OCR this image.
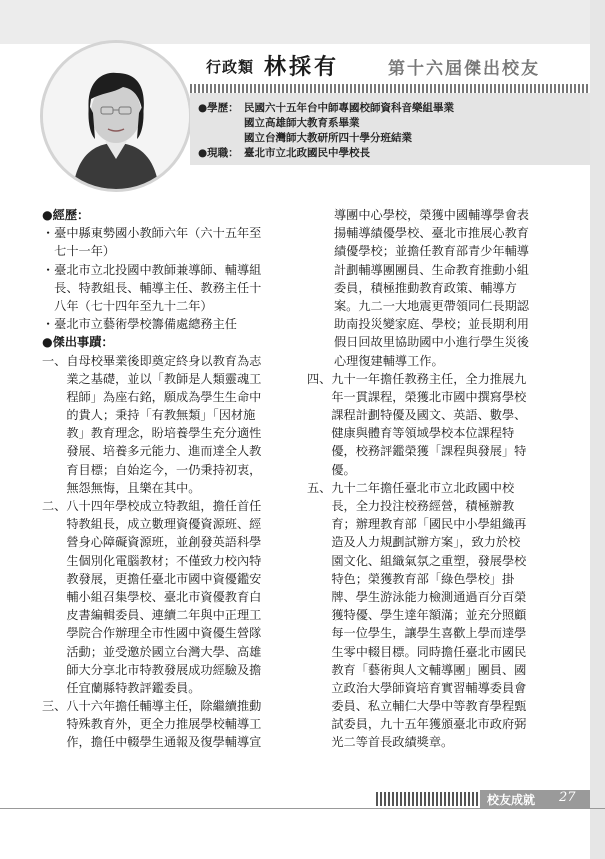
行政類 林採有	第十六屆傑出校友
●學歷： 民國六十五年台中師專國校師資科音樂組畢業
國立高雄師大教育系畢業
國立台灣師大教研所四十學分班結業
●現職： 臺北市立北政國民中學校長
●經歷：
・臺中縣東勢國小教師六年（六十五年至
　七十一年）
・臺北市立北投國中教師兼導師、輔導組
　長、特教組長、輔導主任、教務主任十
　八年（七十四年至九十二年）
・臺北市立藝術學校籌備處總務主任
●傑出事蹟：
一、自母校畢業後即奠定終身以教育為志
　　業之基礎，並以「教師是人類靈魂工
　　程師」為座右銘，願成為學生生命中
　　的貴人；秉持「有教無類」「因材施
　　教」教育理念，盼培養學生充分適性
　　發展、培養多元能力、進而達全人教
　　育目標；自始迄今，一仍秉持初衷，
　　無怨無悔，且樂在其中。
二、八十四年學校成立特教組，擔任首任
　　特教組長，成立數理資優資源班、經
　　營身心障礙資源班，並創發英語科學
　　生個別化電腦教材；不僅致力校內特
　　教發展，更擔任臺北市國中資優鑑安
　　輔小組召集學校、臺北市資優教育白
　　皮書編輯委員、連續二年與中正理工
　　學院合作辦理全市性國中資優生營隊
　　活動；並受邀於國立台灣大學、高雄
　　師大分享北市特教發展成功經驗及擔
　　任宜蘭縣特教評鑑委員。
三、八十六年擔任輔導主任，除繼續推動
　　特殊教育外，更全力推展學校輔導工
　　作，擔任中輟學生通報及復學輔導宣
導團中心學校，榮獲中國輔導學會表
揚輔導績優學校、臺北市推展心教育
績優學校；並擔任教育部青少年輔導
計劃輔導團團員、生命教育推動小組
委員，積極推動教育政策、輔導方
案。九二一大地震更帶領同仁長期認
助南投災變家庭、學校；並長期利用
假日回故里協助國中小進行學生災後
心理復建輔導工作。
四、九十一年擔任教務主任，全力推展九
　　年一貫課程，榮獲北市國中撰寫學校
　　課程計劃特優及國文、英語、數學、
　　健康與體育等領域學校本位課程特
　　優，校務評鑑榮獲「課程與發展」特
　　優。
五、九十二年擔任臺北市立北政國中校
　　長，全力投注校務經營，積極辦教
　　育；辦理教育部「國民中小學組織再
　　造及人力規劃試辦方案」，致力於校
　　園文化、組織氣氛之重塑，發展學校
　　特色；榮獲教育部「綠色學校」掛
　　牌、學生游泳能力檢測通過百分百榮
　　獲特優、學生達年額滿；並充分照顧
　　每一位學生，讓學生喜歡上學而達學
　　生零中輟目標。同時擔任臺北市國民
　　教育「藝術與人文輔導團」團員、國
　　立政治大學師資培育實習輔導委員會
　　委員、私立輔仁大學中等教育學程甄
　　試委員，九十五年獲頒臺北市政府弼
　　光二等首長政績獎章。
校友成就 27
